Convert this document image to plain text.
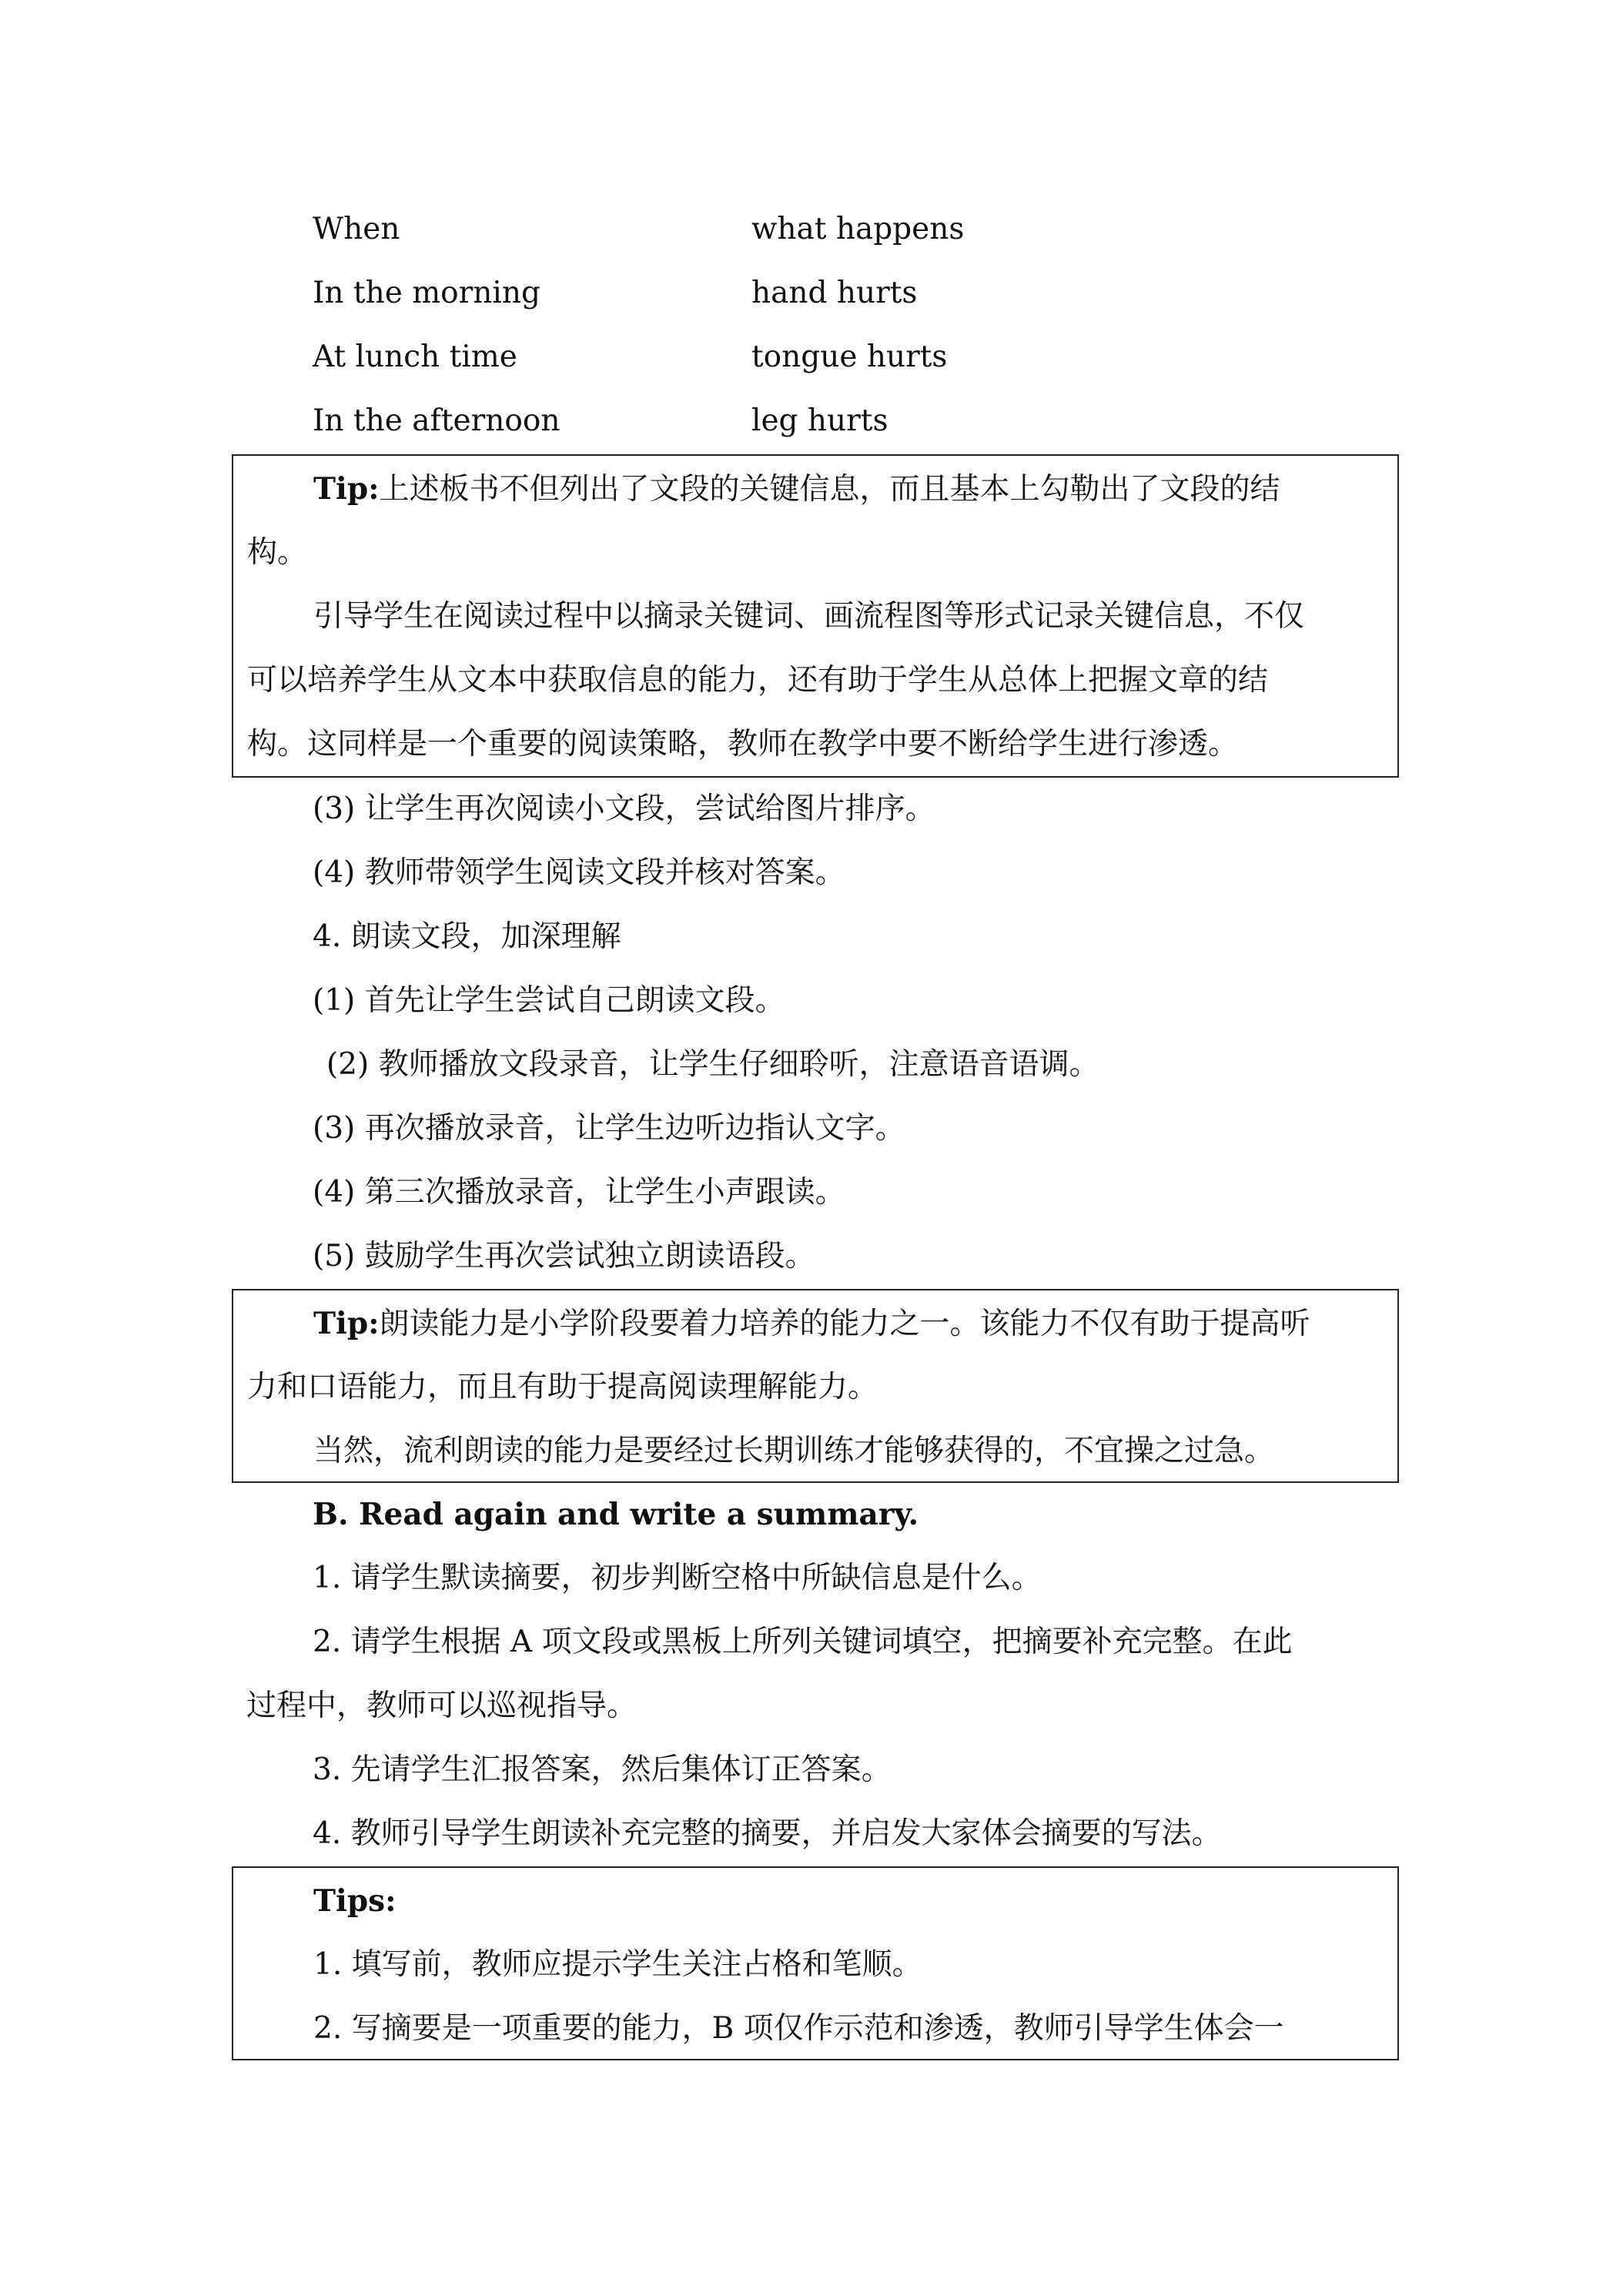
When	what happens
In the morning	hand hurts
At lunch time	tongue hurts
In the afternoon	leg hurts
Tip:上述板书不但列出了文段的关键信息，而且基本上勾勒出了文段的结
构。
引导学生在阅读过程中以摘录关键词、画流程图等形式记录关键信息，不仅
可以培养学生从文本中获取信息的能力，还有助于学生从总体上把握文章的结
构。这同样是一个重要的阅读策略，教师在教学中要不断给学生进行渗透。
(3) 让学生再次阅读小文段，尝试给图片排序。
(4) 教师带领学生阅读文段并核对答案。
4. 朗读文段，加深理解
(1) 首先让学生尝试自己朗读文段。
(2) 教师播放文段录音，让学生仔细聆听，注意语音语调。
(3) 再次播放录音，让学生边听边指认文字。
(4) 第三次播放录音，让学生小声跟读。
(5) 鼓励学生再次尝试独立朗读语段。
Tip:朗读能力是小学阶段要着力培养的能力之一。该能力不仅有助于提高听
力和口语能力，而且有助于提高阅读理解能力。
当然，流利朗读的能力是要经过长期训练才能够获得的，不宜操之过急。
B. Read again and write a summary.
1. 请学生默读摘要，初步判断空格中所缺信息是什么。
2. 请学生根据 A 项文段或黑板上所列关键词填空，把摘要补充完整。在此
过程中，教师可以巡视指导。
3. 先请学生汇报答案，然后集体订正答案。
4. 教师引导学生朗读补充完整的摘要，并启发大家体会摘要的写法。
Tips:
1. 填写前，教师应提示学生关注占格和笔顺。
2. 写摘要是一项重要的能力，B 项仅作示范和渗透，教师引导学生体会一
